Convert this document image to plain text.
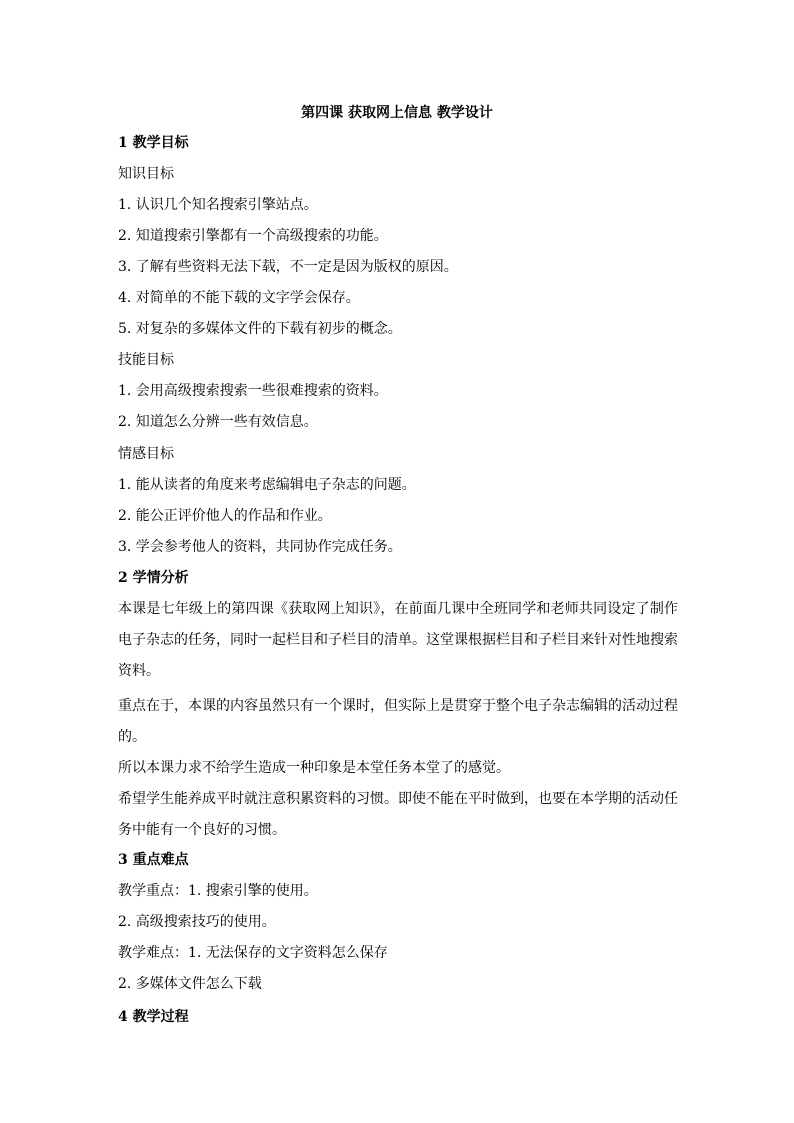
第四课 获取网上信息 教学设计
1 教学目标
知识目标
1. 认识几个知名搜索引擎站点。
2. 知道搜索引擎都有一个高级搜索的功能。
3. 了解有些资料无法下载，不一定是因为版权的原因。
4. 对简单的不能下载的文字学会保存。
5. 对复杂的多媒体文件的下载有初步的概念。
技能目标
1. 会用高级搜索搜索一些很难搜索的资料。
2. 知道怎么分辨一些有效信息。
情感目标
1. 能从读者的角度来考虑编辑电子杂志的问题。
2. 能公正评价他人的作品和作业。
3. 学会参考他人的资料，共同协作完成任务。
2 学情分析
本课是七年级上的第四课《获取网上知识》，在前面几课中全班同学和老师共同设定了制作电子杂志的任务，同时一起栏目和子栏目的清单。这堂课根据栏目和子栏目来针对性地搜索资料。
重点在于，本课的内容虽然只有一个课时，但实际上是贯穿于整个电子杂志编辑的活动过程的。
所以本课力求不给学生造成一种印象是本堂任务本堂了的感觉。
希望学生能养成平时就注意积累资料的习惯。即使不能在平时做到，也要在本学期的活动任务中能有一个良好的习惯。
3 重点难点
教学重点：1. 搜索引擎的使用。
2. 高级搜索技巧的使用。
教学难点：1. 无法保存的文字资料怎么保存
2. 多媒体文件怎么下载
4 教学过程
